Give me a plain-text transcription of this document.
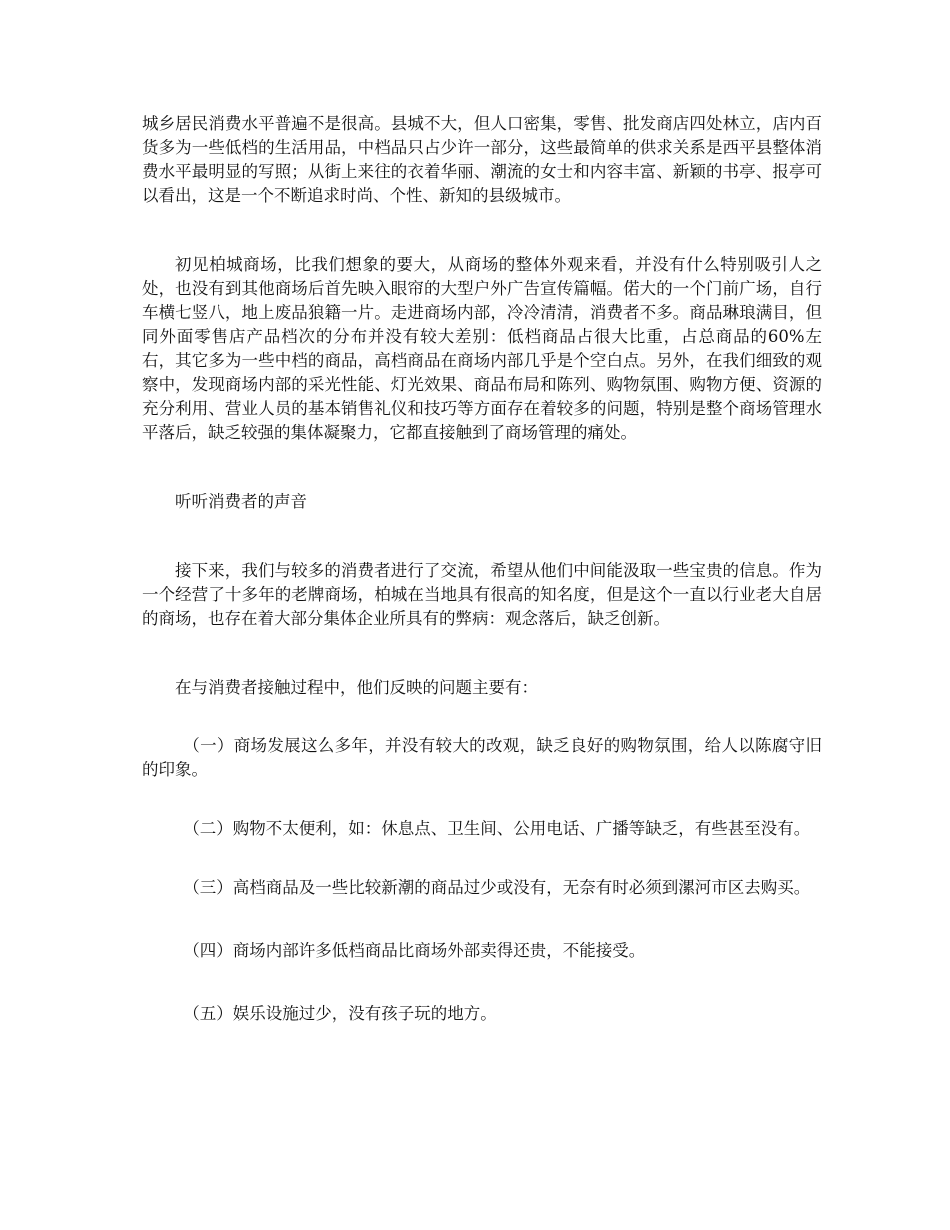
城乡居民消费水平普遍不是很高。县城不大，但人口密集，零售、批发商店四处林立，店内百货多为一些低档的生活用品，中档品只占少许一部分，这些最简单的供求关系是西平县整体消费水平最明显的写照；从街上来往的衣着华丽、潮流的女士和内容丰富、新颖的书亭、报亭可以看出，这是一个不断追求时尚、个性、新知的县级城市。

初见柏城商场，比我们想象的要大，从商场的整体外观来看，并没有什么特别吸引人之处，也没有到其他商场后首先映入眼帘的大型户外广告宣传篇幅。偌大的一个门前广场，自行车横七竖八，地上废品狼籍一片。走进商场内部，冷冷清清，消费者不多。商品琳琅满目，但同外面零售店产品档次的分布并没有较大差别：低档商品占很大比重，占总商品的60%左右，其它多为一些中档的商品，高档商品在商场内部几乎是个空白点。另外，在我们细致的观察中，发现商场内部的采光性能、灯光效果、商品布局和陈列、购物氛围、购物方便、资源的充分利用、营业人员的基本销售礼仪和技巧等方面存在着较多的问题，特别是整个商场管理水平落后，缺乏较强的集体凝聚力，它都直接触到了商场管理的痛处。

听听消费者的声音

接下来，我们与较多的消费者进行了交流，希望从他们中间能汲取一些宝贵的信息。作为一个经营了十多年的老牌商场，柏城在当地具有很高的知名度，但是这个一直以行业老大自居的商场，也存在着大部分集体企业所具有的弊病：观念落后，缺乏创新。

在与消费者接触过程中，他们反映的问题主要有：

（一）商场发展这么多年，并没有较大的改观，缺乏良好的购物氛围，给人以陈腐守旧的印象。

（二）购物不太便利，如：休息点、卫生间、公用电话、广播等缺乏，有些甚至没有。

（三）高档商品及一些比较新潮的商品过少或没有，无奈有时必须到漯河市区去购买。

（四）商场内部许多低档商品比商场外部卖得还贵，不能接受。

（五）娱乐设施过少，没有孩子玩的地方。
